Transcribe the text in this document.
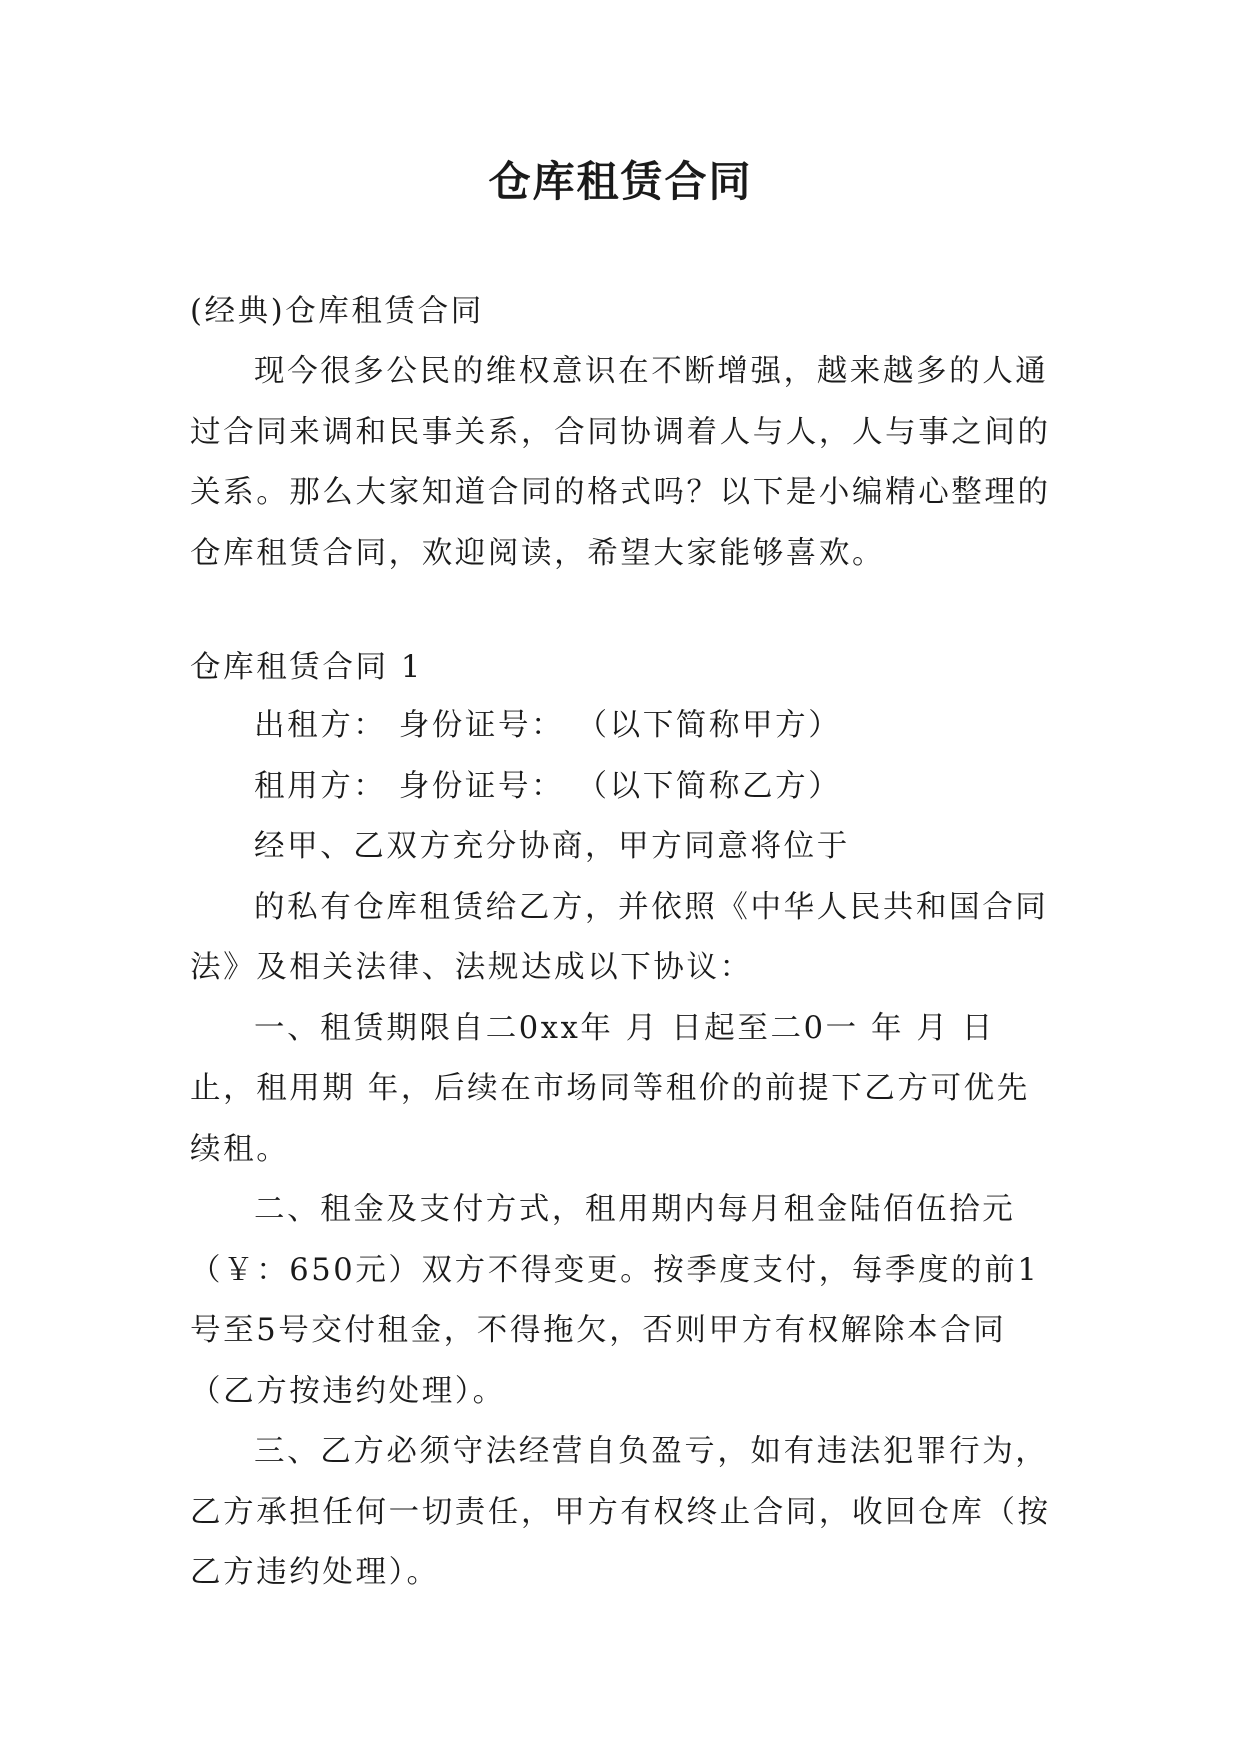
仓库租赁合同
(经典)仓库租赁合同
现今很多公民的维权意识在不断增强，越来越多的人通
过合同来调和民事关系，合同协调着人与人，人与事之间的
关系。那么大家知道合同的格式吗？以下是小编精心整理的
仓库租赁合同，欢迎阅读，希望大家能够喜欢。
仓库租赁合同 1
出租方： 身份证号： （以下简称甲方）
租用方： 身份证号： （以下简称乙方）
经甲、乙双方充分协商，甲方同意将位于
的私有仓库租赁给乙方，并依照《中华人民共和国合同
法》及相关法律、法规达成以下协议：
一、租赁期限自二0xx年 月 日起至二0一 年 月 日
止，租用期 年，后续在市场同等租价的前提下乙方可优先
续租。
二、租金及支付方式，租用期内每月租金陆佰伍拾元
（￥：650元）双方不得变更。按季度支付，每季度的前1
号至5号交付租金，不得拖欠，否则甲方有权解除本合同
（乙方按违约处理）。
三、乙方必须守法经营自负盈亏，如有违法犯罪行为，
乙方承担任何一切责任，甲方有权终止合同，收回仓库（按
乙方违约处理）。
